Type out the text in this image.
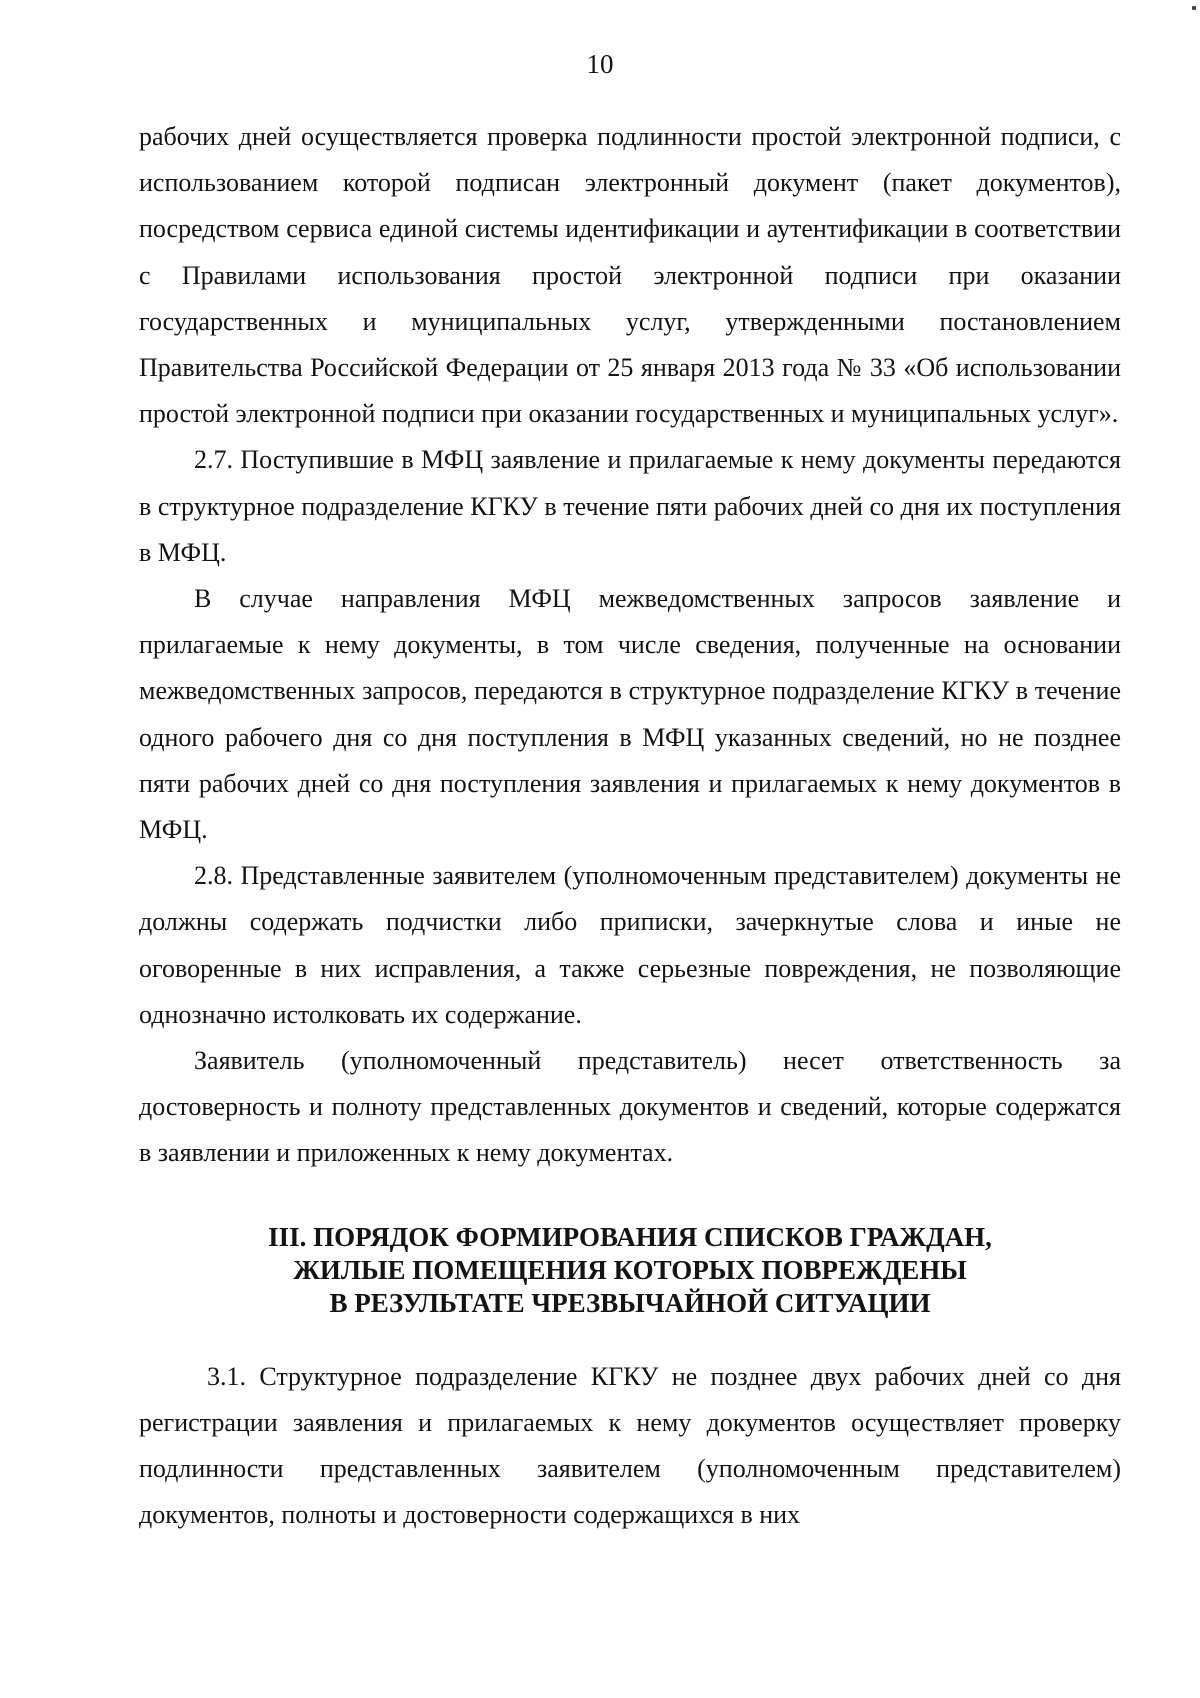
10

рабочих дней осуществляется проверка подлинности простой электронной подписи, с использованием которой подписан электронный документ (пакет документов), посредством сервиса единой системы идентификации и аутентификации в соответствии с Правилами использования простой электронной подписи при оказании государственных и муниципальных услуг, утвержденными постановлением Правительства Российской Федерации от 25 января 2013 года № 33 «Об использовании простой электронной подписи при оказании государственных и муниципальных услуг».

2.7. Поступившие в МФЦ заявление и прилагаемые к нему документы передаются в структурное подразделение КГКУ в течение пяти рабочих дней со дня их поступления в МФЦ.

В случае направления МФЦ межведомственных запросов заявление и прилагаемые к нему документы, в том числе сведения, полученные на основании межведомственных запросов, передаются в структурное подразделение КГКУ в течение одного рабочего дня со дня поступления в МФЦ указанных сведений, но не позднее пяти рабочих дней со дня поступления заявления и прилагаемых к нему документов в МФЦ.

2.8. Представленные заявителем (уполномоченным представителем) документы не должны содержать подчистки либо приписки, зачеркнутые слова и иные не оговоренные в них исправления, а также серьезные повреждения, не позволяющие однозначно истолковать их содержание.

Заявитель (уполномоченный представитель) несет ответственность за достоверность и полноту представленных документов и сведений, которые содержатся в заявлении и приложенных к нему документах.

III. ПОРЯДОК ФОРМИРОВАНИЯ СПИСКОВ ГРАЖДАН,
ЖИЛЫЕ ПОМЕЩЕНИЯ КОТОРЫХ ПОВРЕЖДЕНЫ
В РЕЗУЛЬТАТЕ ЧРЕЗВЫЧАЙНОЙ СИТУАЦИИ

3.1. Структурное подразделение КГКУ не позднее двух рабочих дней со дня регистрации заявления и прилагаемых к нему документов осуществляет проверку подлинности представленных заявителем (уполномоченным представителем) документов, полноты и достоверности содержащихся в них
